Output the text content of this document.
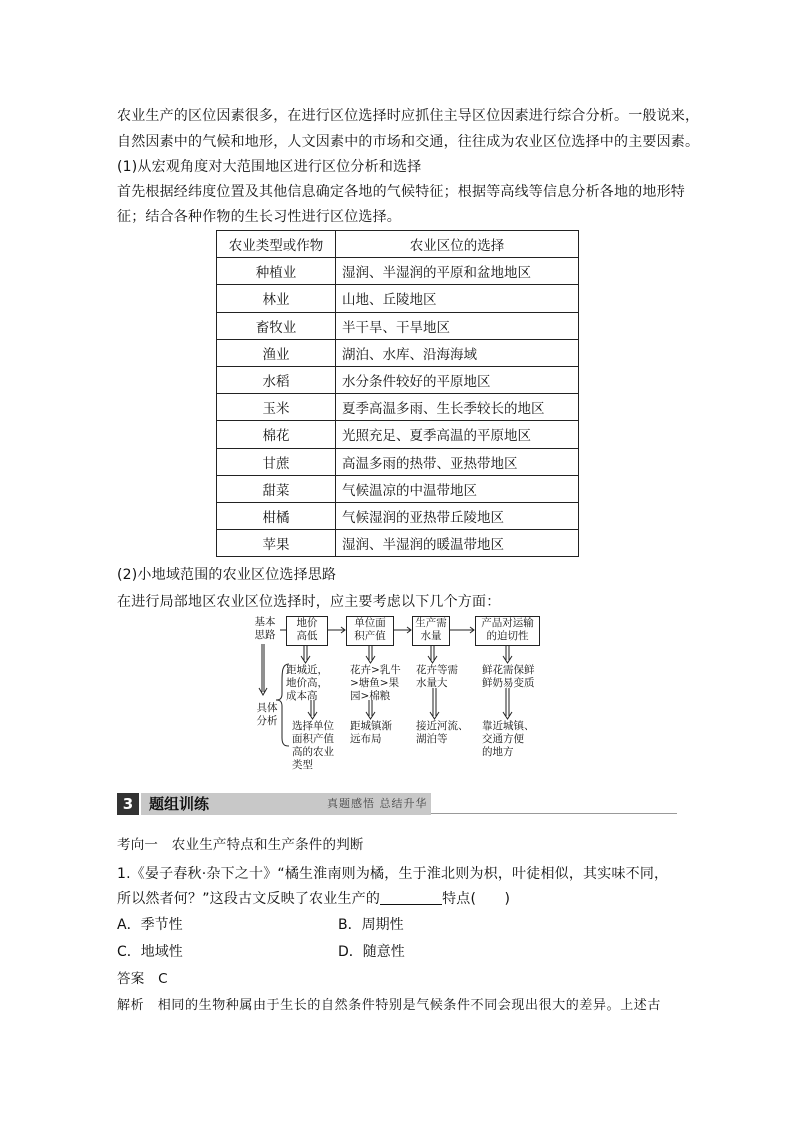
农业生产的区位因素很多，在进行区位选择时应抓住主导区位因素进行综合分析。一般说来，
自然因素中的气候和地形，人文因素中的市场和交通，往往成为农业区位选择中的主要因素。
(1)从宏观角度对大范围地区进行区位分析和选择
首先根据经纬度位置及其他信息确定各地的气候特征；根据等高线等信息分析各地的地形特
征；结合各种作物的生长习性进行区位选择。
农业类型或作物	农业区位的选择
种植业	湿润、半湿润的平原和盆地地区
林业	山地、丘陵地区
畜牧业	半干旱、干旱地区
渔业	湖泊、水库、沿海海域
水稻	水分条件较好的平原地区
玉米	夏季高温多雨、生长季较长的地区
棉花	光照充足、夏季高温的平原地区
甘蔗	高温多雨的热带、亚热带地区
甜菜	气候温凉的中温带地区
柑橘	气候湿润的亚热带丘陵地区
苹果	湿润、半湿润的暖温带地区
(2)小地域范围的农业区位选择思路
在进行局部地区农业区位选择时，应主要考虑以下几个方面：
基本
思路
具体
分析
地价
高低
单位面
积产值
生产需
水量
产品对运输
的迫切性
距城近，
地价高，
成本高
花卉>乳牛
>塘鱼>果
园>棉粮
花卉等需
水量大
鲜花需保鲜
鲜奶易变质
选择单位
面积产值
高的农业
类型
距城镇渐
远布局
接近河流、
湖泊等
靠近城镇、
交通方便
的地方
3	题组训练	真题感悟 总结升华
考向一　农业生产特点和生产条件的判断
1.《晏子春秋·杂下之十》“橘生淮南则为橘，生于淮北则为枳，叶徒相似，其实味不同，
所以然者何？”这段古文反映了农业生产的	特点(　　)
A．季节性	B．周期性
C．地域性	D．随意性
答案　C
解析　相同的生物种属由于生长的自然条件特别是气候条件不同会现出很大的差异。上述古
